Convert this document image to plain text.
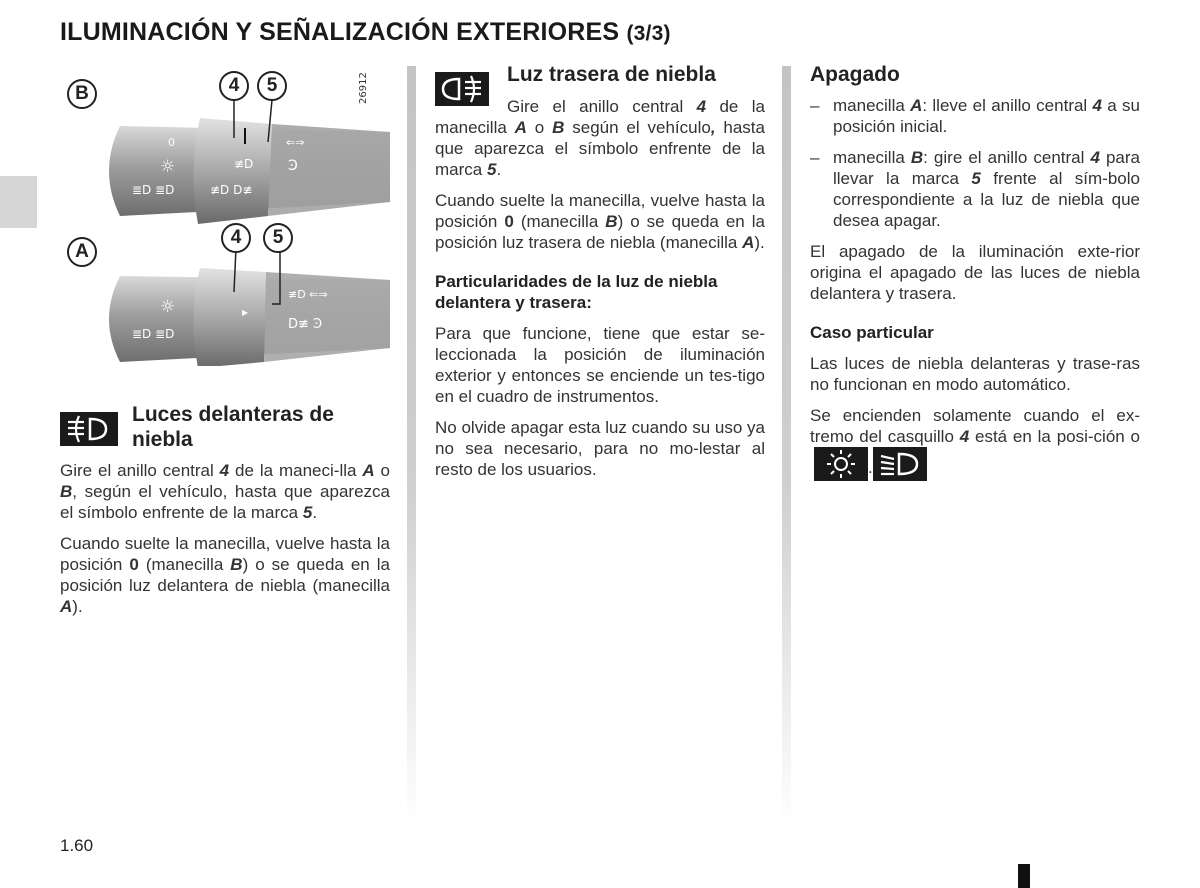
ILUMINACIÓN Y SEÑALIZACIÓN EXTERIORES (3/3)
0
☼
≣D ≣D
≢D
≢D D≢
⇐⇒
Ͽ
26912
☼
≣D ≣D
▸
≢D ⇐⇒
D≢ Ͽ
B
A
4	5
4	5
Luces delanteras de niebla

Gire el anillo central 4 de la maneci-lla A o B, según el vehículo, hasta que aparezca el símbolo enfrente de la marca 5.

Cuando suelte la manecilla, vuelve hasta la posición 0 (manecilla B) o se queda en la posición luz delantera de niebla (manecilla A).

Luz trasera de niebla

Gire el anillo central 4 de la manecilla A o B según el vehículo, hasta que aparezca el símbolo enfrente de la marca 5.

Cuando suelte la manecilla, vuelve hasta la posición 0 (manecilla B) o se queda en la posición luz trasera de niebla (manecilla A).

Particularidades de la luz de niebla delantera y trasera:

Para que funcione, tiene que estar se-leccionada la posición de iluminación exterior y entonces se enciende un tes-tigo en el cuadro de instrumentos.

No olvide apagar esta luz cuando su uso ya no sea necesario, para no mo-lestar al resto de los usuarios.

Apagado
– manecilla A: lleve el anillo central 4 a su posición inicial.
– manecilla B: gire el anillo central 4 para llevar la marca 5 frente al sím-bolo correspondiente a la luz de niebla que desea apagar.

El apagado de la iluminación exte-rior origina el apagado de las luces de niebla delantera y trasera.

Caso particular

Las luces de niebla delanteras y trase-ras no funcionan en modo automático.

Se encienden solamente cuando el ex-tremo del casquillo 4 está en la posi-ción o .

1.60
